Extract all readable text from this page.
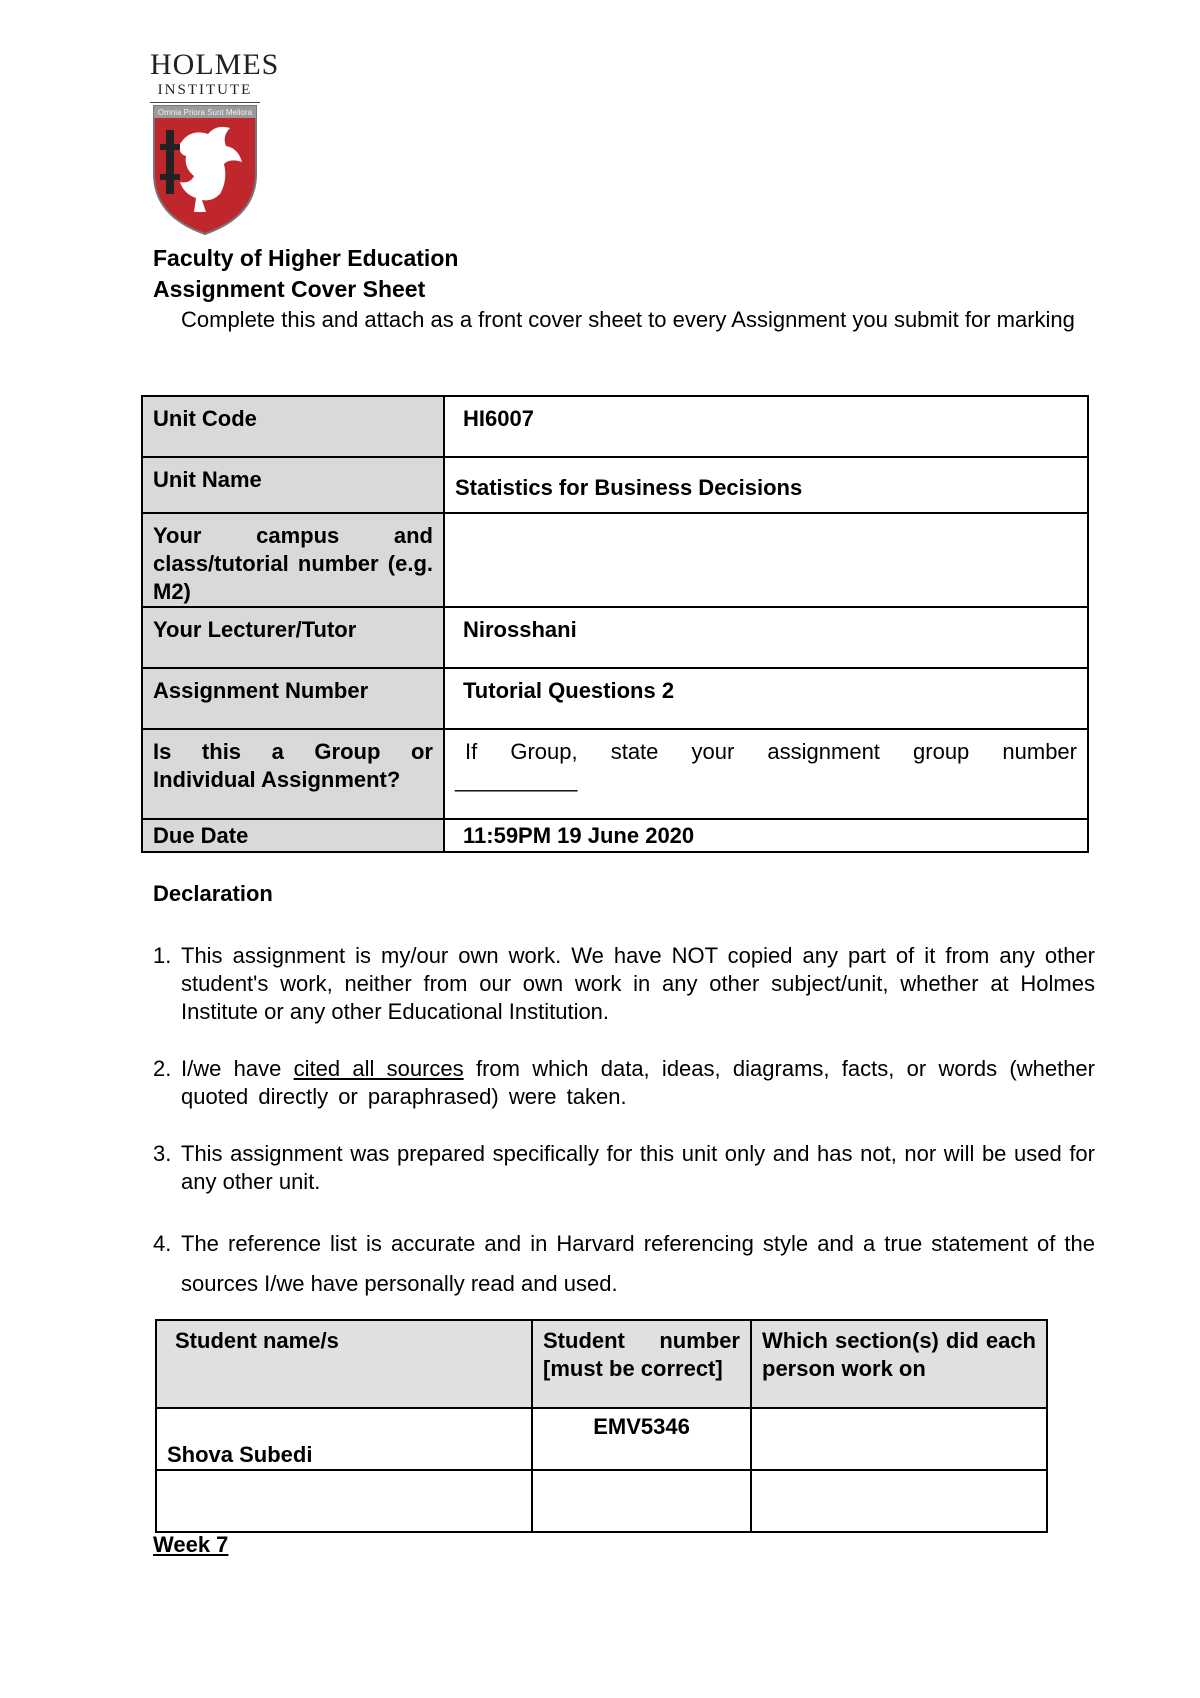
HOLMES
INSTITUTE
Omnia Priora Sunt Meliora
Faculty of Higher Education
Assignment Cover Sheet
Complete this and attach as a front cover sheet to every Assignment you submit for marking
Unit Code	HI6007
Unit Name	Statistics for Business Decisions

Your campus and class/tutorial number (e.g. M2)	

Your Lecturer/Tutor	Nirosshani
Assignment Number	Tutorial Questions 2

Is this a Group or Individual Assignment?	If Group, state your assignment group number
__________

Due Date	11:59PM 19 June 2020
Declaration
1. This assignment is my/our own work. We have NOT copied any part of it from any other student's work, neither from our own work in any other subject/unit, whether at Holmes Institute or any other Educational Institution.
2. I/we have cited all sources from which data, ideas, diagrams, facts, or words (whether quoted directly or paraphrased) were taken.
3. This assignment was prepared specifically for this unit only and has not, nor will be used for any other unit.
4. The reference list is accurate and in Harvard referencing style and a true statement of the sources I/we have personally read and used.
Student name/s	Student number [must be correct]	Which section(s) did each person work on

Shova Subedi	EMV5346	

Week 7
